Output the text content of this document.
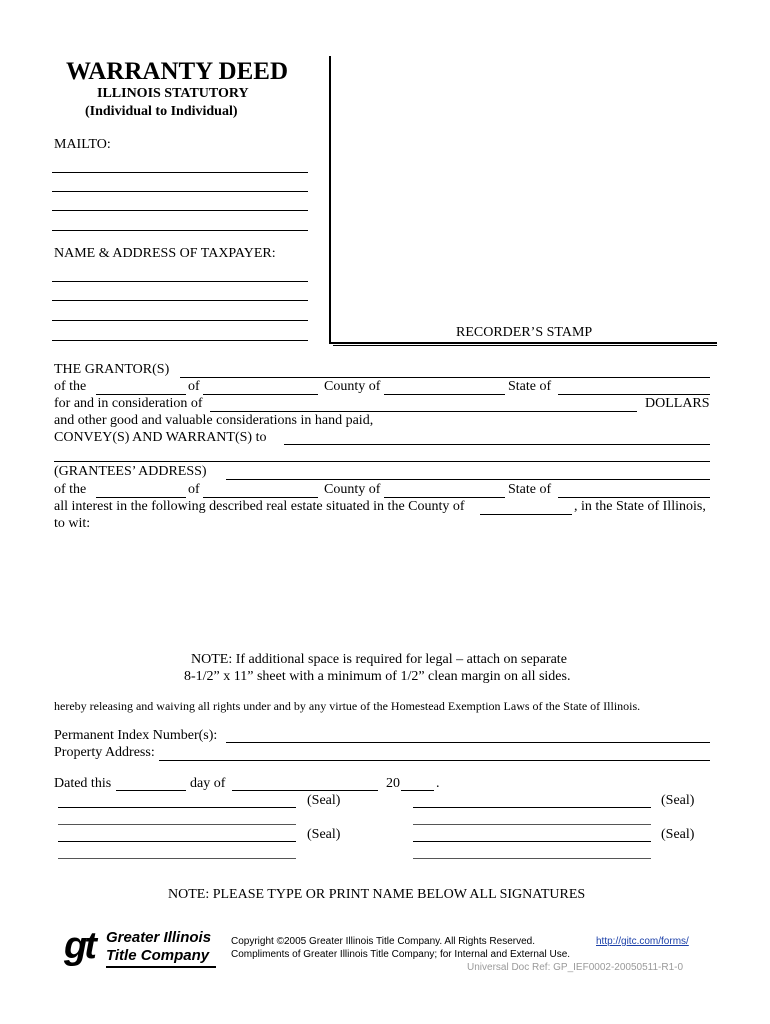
WARRANTY DEED
ILLINOIS STATUTORY
(Individual to Individual)
MAILTO:
NAME & ADDRESS OF TAXPAYER:
RECORDER’S STAMP
THE GRANTOR(S)
of the	of	County of	State of
for and in consideration of	DOLLARS
and other good and valuable considerations in hand paid,
CONVEY(S) AND WARRANT(S) to
(GRANTEES’ ADDRESS)
of the	of	County of	State of
all interest in the following described real estate situated in the County of	, in the State of Illinois,
to wit:
NOTE: If additional space is required for legal – attach on separate
8-1/2” x 11” sheet with a minimum of 1/2” clean margin on all sides.
hereby releasing and waiving all rights under and by any virtue of the Homestead Exemption Laws of the State of Illinois.
Permanent Index Number(s):
Property Address:
Dated this	day of	20	.
(Seal)	(Seal)
(Seal)	(Seal)
NOTE: PLEASE TYPE OR PRINT NAME BELOW ALL SIGNATURES
gt Greater Illinois
Title Company
Copyright ©2005 Greater Illinois Title Company. All Rights Reserved.	http://gitc.com/forms/
Compliments of Greater Illinois Title Company; for Internal and External Use.
Universal Doc Ref: GP_IEF0002-20050511-R1-0
